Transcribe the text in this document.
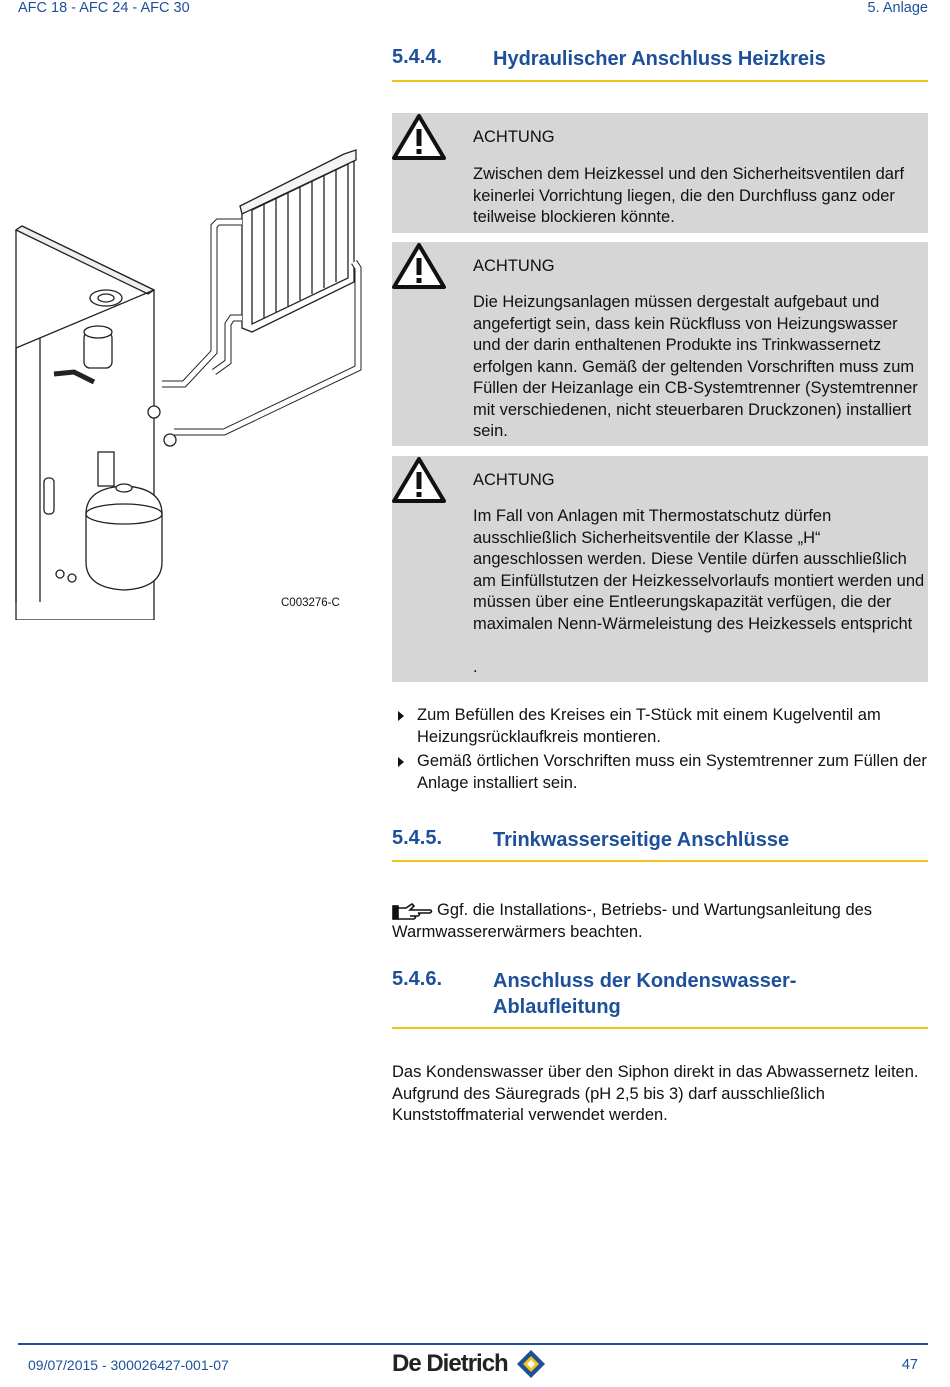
AFC 18 - AFC 24 - AFC 30	5. Anlage
5.4.4.	Hydraulischer Anschluss Heizkreis
C003276-C
ACHTUNG
Zwischen dem Heizkessel und den Sicherheitsventilen darf keinerlei Vorrichtung liegen, die den Durchfluss ganz oder teilweise blockieren könnte.
ACHTUNG
Die Heizungsanlagen müssen dergestalt aufgebaut und angefertigt sein, dass kein Rückfluss von Heizungswasser und der darin enthaltenen Produkte ins Trinkwassernetz erfolgen kann. Gemäß der geltenden Vorschriften muss zum Füllen der Heizanlage ein CB-Systemtrenner (Systemtrenner mit verschiedenen, nicht steuerbaren Druckzonen) installiert sein.
ACHTUNG
Im Fall von Anlagen mit Thermostatschutz dürfen ausschließlich Sicherheitsventile der Klasse „H“ angeschlossen werden. Diese Ventile dürfen ausschließlich am Einfüllstutzen der Heizkesselvorlaufs montiert werden und müssen über eine Entleerungskapazität verfügen, die der maximalen Nenn-Wärmeleistung des Heizkessels entspricht
.
Zum Befüllen des Kreises ein T-Stück mit einem Kugelventil am Heizungsrücklaufkreis montieren.
Gemäß örtlichen Vorschriften muss ein Systemtrenner zum Füllen der Anlage installiert sein.
5.4.5.	Trinkwasserseitige Anschlüsse
Ggf. die Installations-, Betriebs- und Wartungsanleitung des Warmwassererwärmers beachten.
5.4.6.	Anschluss der Kondenswasser-
Ablaufleitung
Das Kondenswasser über den Siphon direkt in das Abwassernetz leiten. Aufgrund des Säuregrads (pH 2,5 bis 3) darf ausschließlich Kunststoffmaterial verwendet werden.
09/07/2015 - 300026427-001-07	De Dietrich	47
